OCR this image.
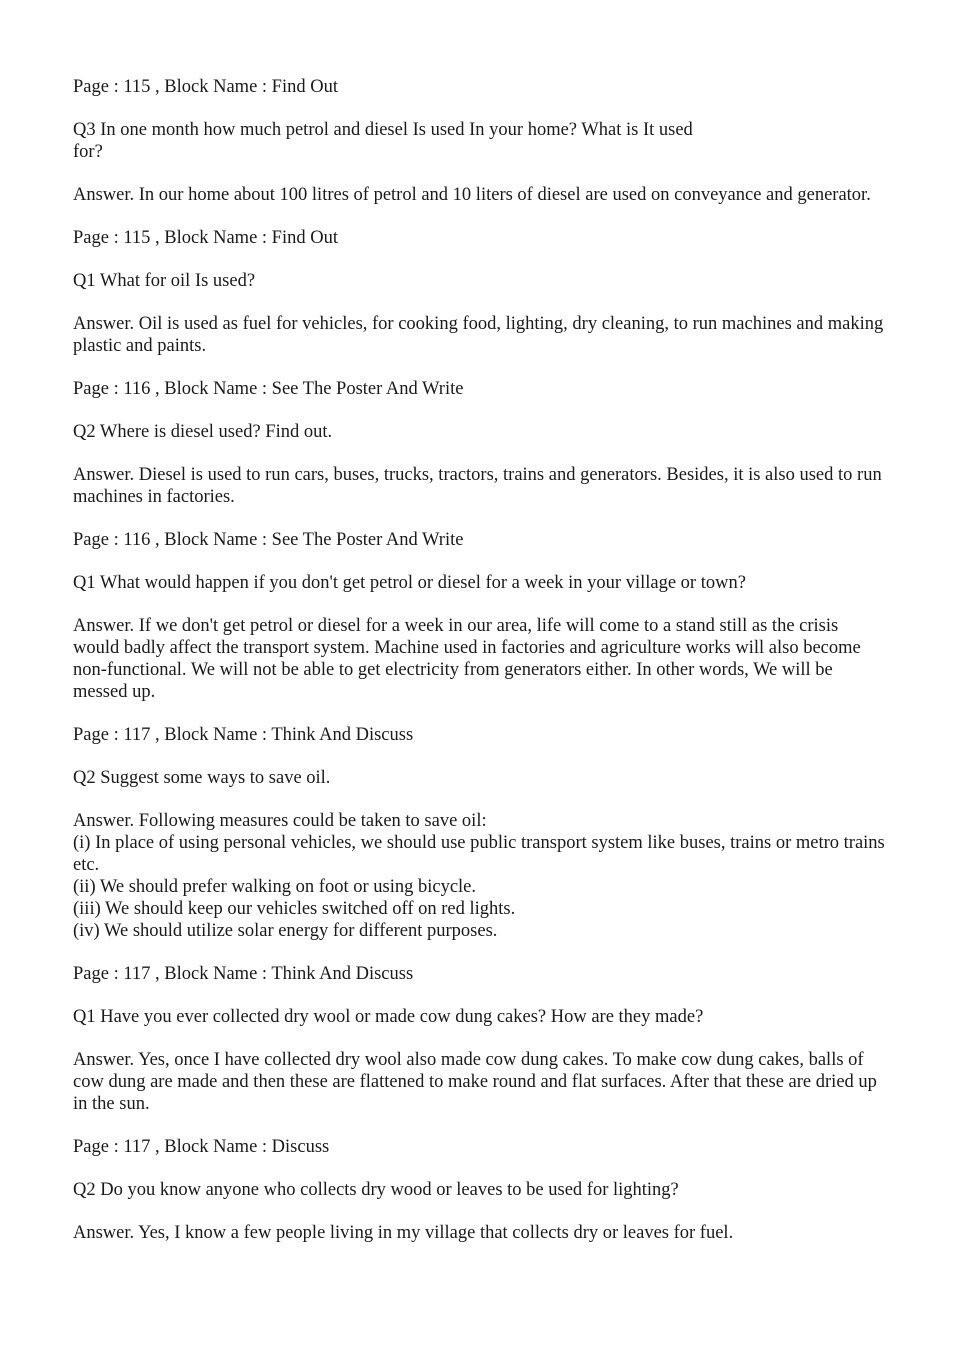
Page : 115 , Block Name : Find Out

Q3 In one month how much petrol and diesel Is used In your home? What is It used for?

Answer. In our home about 100 litres of petrol and 10 liters of diesel are used on conveyance and generator.

Page : 115 , Block Name : Find Out

Q1 What for oil Is used?

Answer. Oil is used as fuel for vehicles, for cooking food, lighting, dry cleaning, to run machines and making plastic and paints.

Page : 116 , Block Name : See The Poster And Write

Q2 Where is diesel used? Find out.

Answer. Diesel is used to run cars, buses, trucks, tractors, trains and generators. Besides, it is also used to run machines in factories.

Page : 116 , Block Name : See The Poster And Write

Q1 What would happen if you don't get petrol or diesel for a week in your village or town?

Answer. If we don't get petrol or diesel for a week in our area, life will come to a stand still as the crisis would badly affect the transport system. Machine used in factories and agriculture works will also become non-functional. We will not be able to get electricity from generators either. In other words, We will be messed up.

Page : 117 , Block Name : Think And Discuss

Q2 Suggest some ways to save oil.

Answer. Following measures could be taken to save oil:
(i) In place of using personal vehicles, we should use public transport system like buses, trains or metro trains etc.
(ii) We should prefer walking on foot or using bicycle.
(iii) We should keep our vehicles switched off on red lights.
(iv) We should utilize solar energy for different purposes.

Page : 117 , Block Name : Think And Discuss

Q1 Have you ever collected dry wool or made cow dung cakes? How are they made?

Answer. Yes, once I have collected dry wool also made cow dung cakes. To make cow dung cakes, balls of cow dung are made and then these are flattened to make round and flat surfaces. After that these are dried up in the sun.

Page : 117 , Block Name : Discuss

Q2 Do you know anyone who collects dry wood or leaves to be used for lighting?

Answer. Yes, I know a few people living in my village that collects dry or leaves for fuel.
